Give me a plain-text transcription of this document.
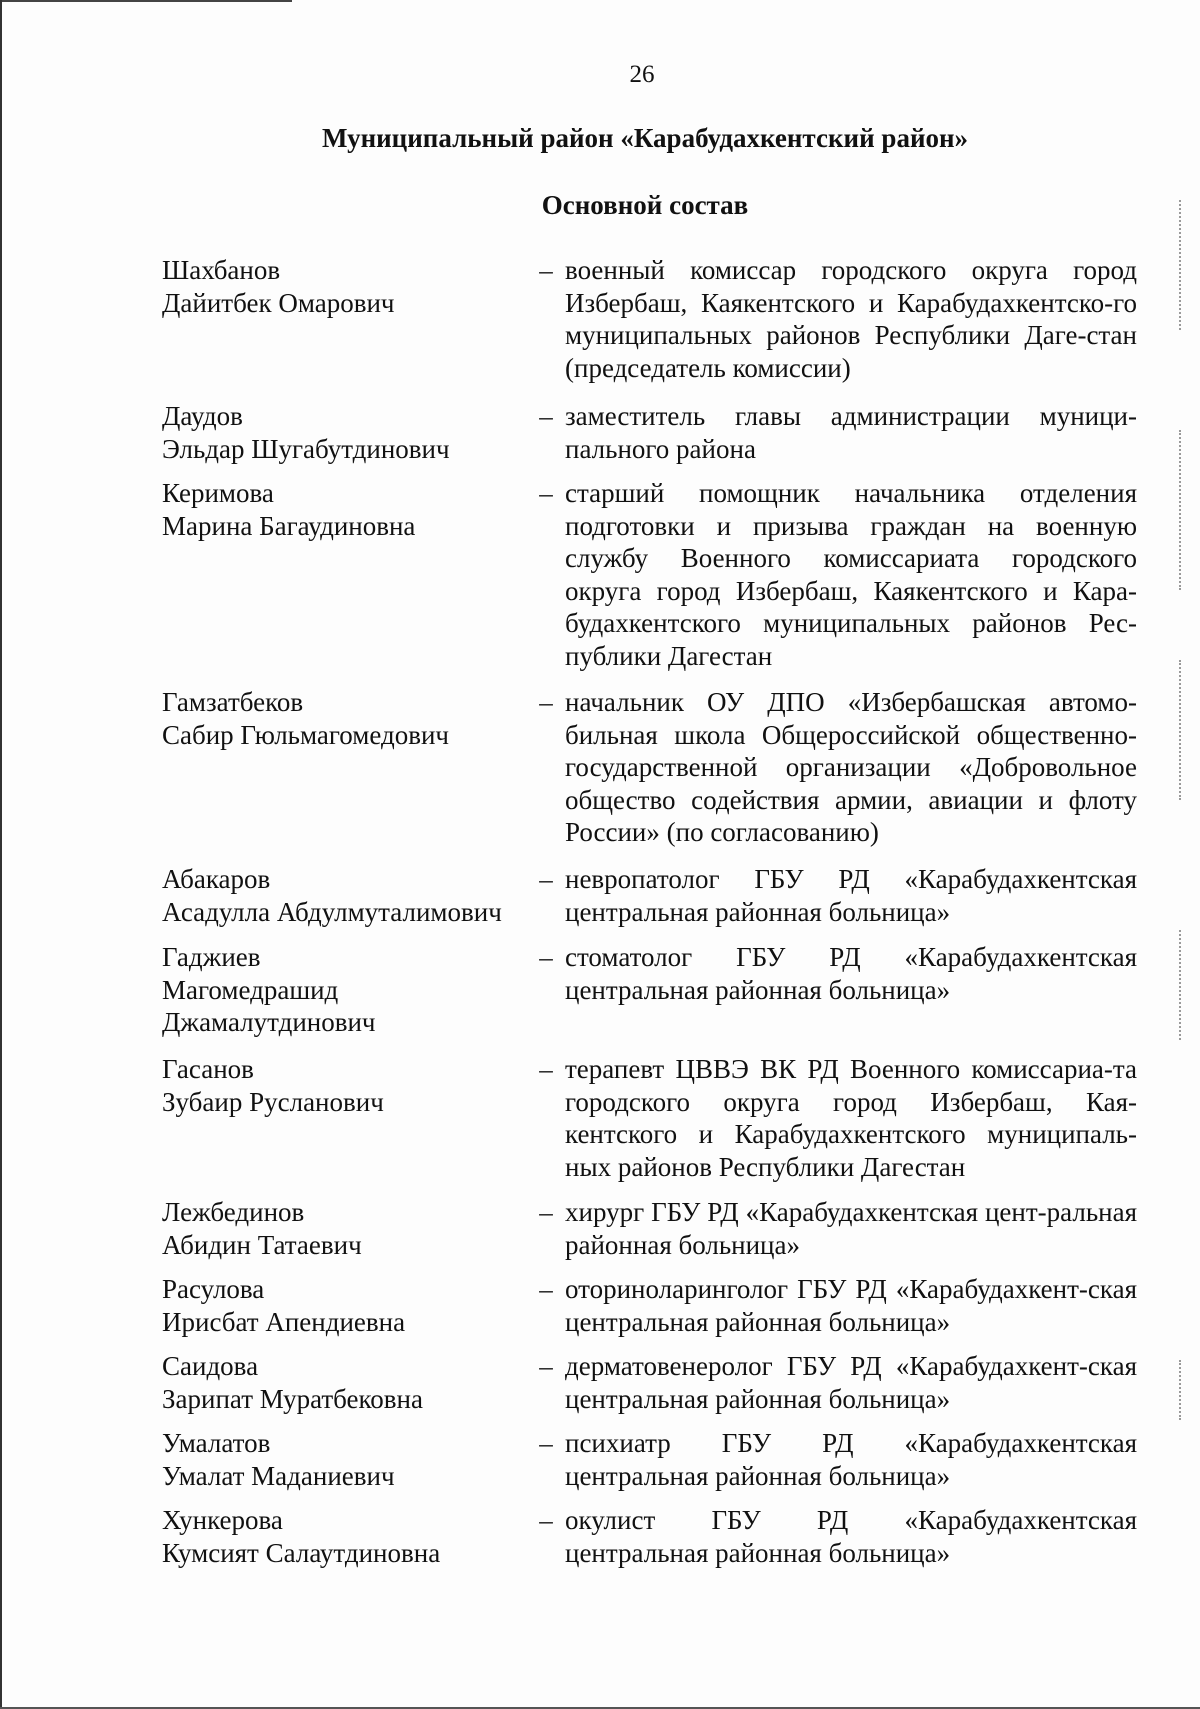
26
Муниципальный район «Карабудахкентский район»
Основной состав
Шахбанов
Дайитбек Омарович
– военный комиссар городского округа город Избербаш, Каякентского и Карабудахкентско-го муниципальных районов Республики Даге-стан (председатель комиссии)
Даудов
Эльдар Шугабутдинович
– заместитель главы администрации муници-пального района
Керимова
Марина Багаудиновна
– старший помощник начальника отделения подготовки и призыва граждан на военную службу Военного комиссариата городского округа город Избербаш, Каякентского и Кара-будахкентского муниципальных районов Рес-публики Дагестан
Гамзатбеков
Сабир Гюльмагомедович
– начальник ОУ ДПО «Избербашская автомо-бильная школа Общероссийской общественно-государственной организации «Добровольное общество содействия армии, авиации и флоту России» (по согласованию)
Абакаров
Асадулла Абдулмуталимович
– невропатолог ГБУ РД «Карабудахкентская центральная районная больница»
Гаджиев
Магомедрашид
Джамалутдинович
– стоматолог ГБУ РД «Карабудахкентская центральная районная больница»
Гасанов
Зубаир Русланович
– терапевт ЦВВЭ ВК РД Военного комиссариа-та городского округа город Избербаш, Кая-кентского и Карабудахкентского муниципаль-ных районов Республики Дагестан
Лежбединов
Абидин Татаевич
– хирург ГБУ РД «Карабудахкентская цент-ральная районная больница»
Расулова
Ирисбат Апендиевна
– оториноларинголог ГБУ РД «Карабудахкент-ская центральная районная больница»
Саидова
Зарипат Муратбековна
– дерматовенеролог ГБУ РД «Карабудахкент-ская центральная районная больница»
Умалатов
Умалат Маданиевич
– психиатр ГБУ РД «Карабудахкентская центральная районная больница»
Хункерова
Кумсият Салаутдиновна
– окулист ГБУ РД «Карабудахкентская центральная районная больница»
